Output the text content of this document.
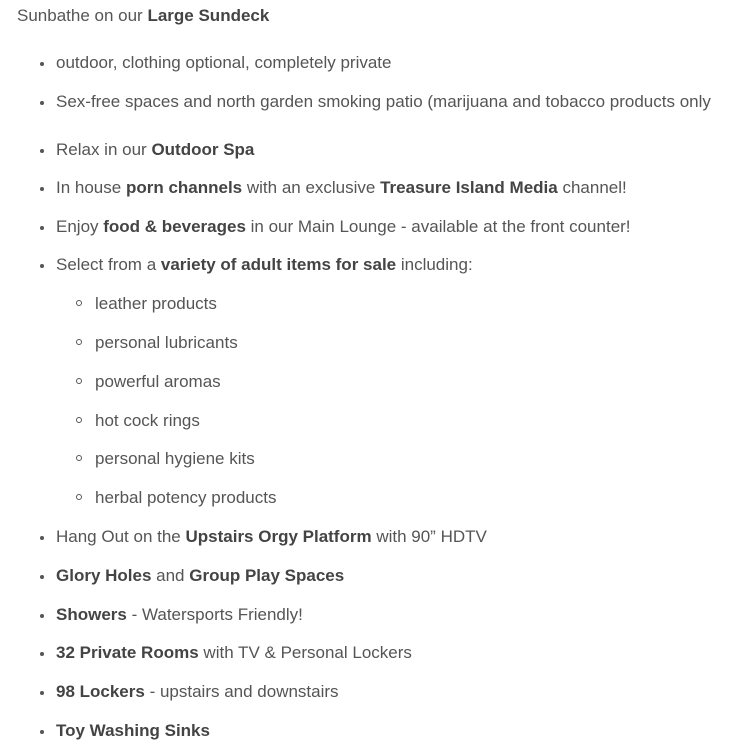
Sunbathe on our Large Sundeck
outdoor, clothing optional, completely private
Sex-free spaces and north garden smoking patio (marijuana and tobacco products only
Relax in our Outdoor Spa
In house porn channels with an exclusive Treasure Island Media channel!
Enjoy food & beverages in our Main Lounge - available at the front counter!
Select from a variety of adult items for sale including:
leather products
personal lubricants
powerful aromas
hot cock rings
personal hygiene kits
herbal potency products
Hang Out on the Upstairs Orgy Platform with 90” HDTV
Glory Holes and Group Play Spaces
Showers - Watersports Friendly!
32 Private Rooms with TV & Personal Lockers
98 Lockers - upstairs and downstairs
Toy Washing Sinks
